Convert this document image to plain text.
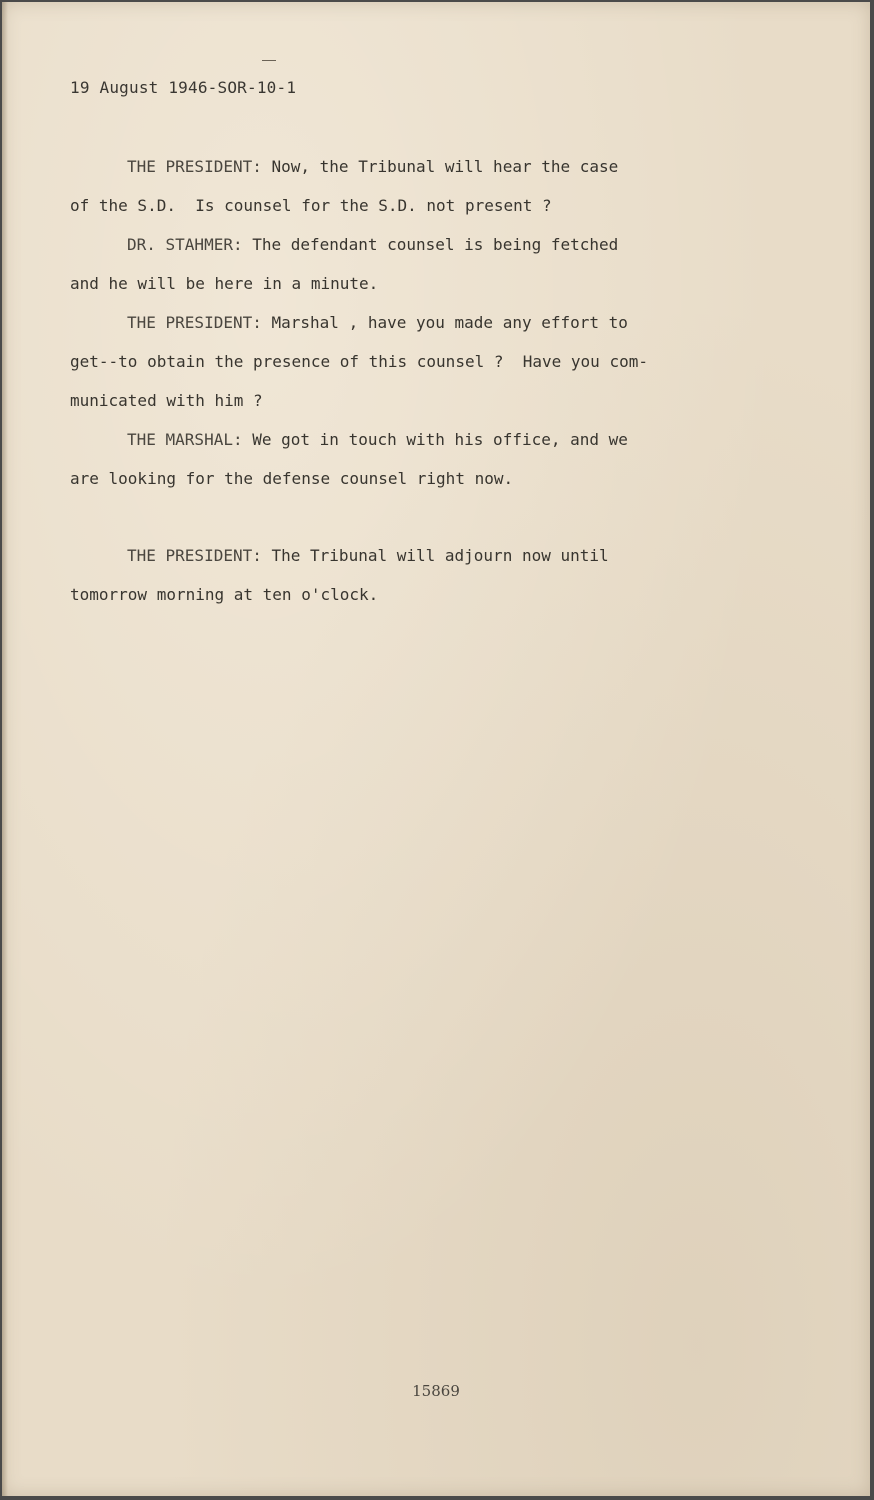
19 August 1946-SOR-10-1

THE PRESIDENT: Now, the Tribunal will hear the case
of the S.D.  Is counsel for the S.D. not present ?

DR. STAHMER: The defendant counsel is being fetched
and he will be here in a minute.

THE PRESIDENT: Marshal , have you made any effort to
get--to obtain the presence of this counsel ?  Have you com-
municated with him ?

THE MARSHAL: We got in touch with his office, and we
are looking for the defense counsel right now.

THE PRESIDENT: The Tribunal will adjourn now until
tomorrow morning at ten o'clock.

15869
